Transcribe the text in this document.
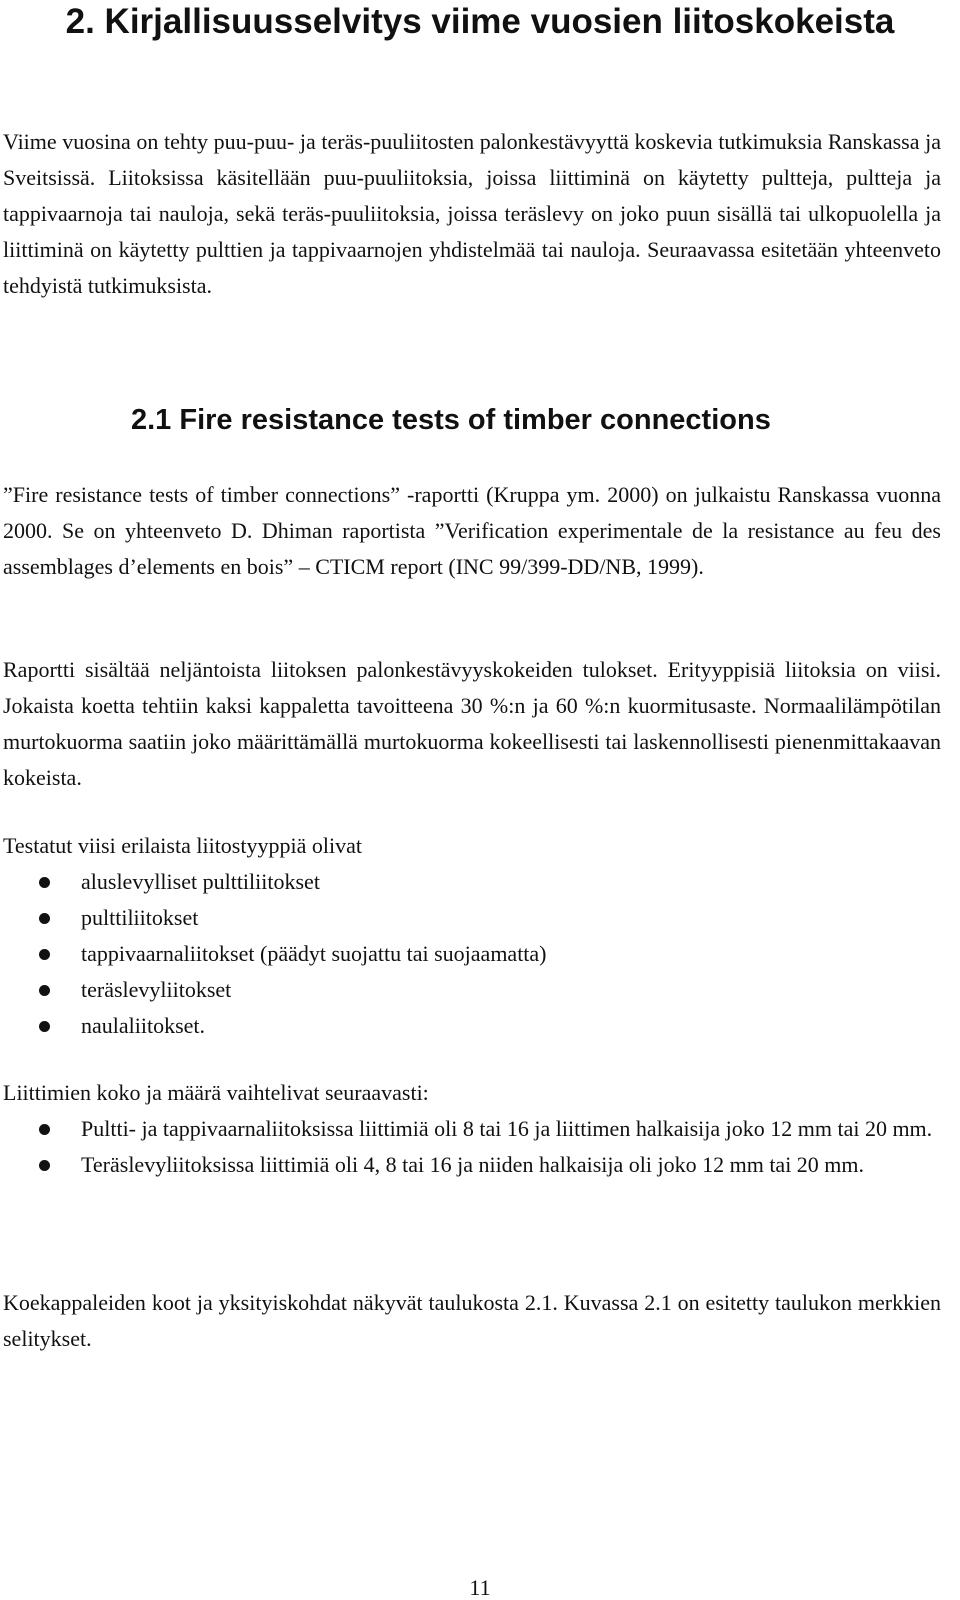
2. Kirjallisuusselvitys viime vuosien liitoskokeista

Viime vuosina on tehty puu-puu- ja teräs-puuliitosten palonkestävyyttä koskevia tutkimuksia Ranskassa ja Sveitsissä. Liitoksissa käsitellään puu-puuliitoksia, joissa liittiminä on käytetty pultteja, pultteja ja tappivaarnoja tai nauloja, sekä teräs-puuliitoksia, joissa teräslevy on joko puun sisällä tai ulkopuolella ja liittiminä on käytetty pulttien ja tappivaarnojen yhdistelmää tai nauloja. Seuraavassa esitetään yhteenveto tehdyistä tutkimuksista.

2.1 Fire resistance tests of timber connections

”Fire resistance tests of timber connections” -raportti (Kruppa ym. 2000) on julkaistu Ranskassa vuonna 2000. Se on yhteenveto D. Dhiman raportista ”Verification experimentale de la resistance au feu des assemblages d’elements en bois” – CTICM report (INC 99/399-DD/NB, 1999).

Raportti sisältää neljäntoista liitoksen palonkestävyyskokeiden tulokset. Erityyppisiä liitoksia on viisi. Jokaista koetta tehtiin kaksi kappaletta tavoitteena 30 %:n ja 60 %:n kuormitusaste. Normaalilämpötilan murtokuorma saatiin joko määrittämällä murtokuorma kokeellisesti tai laskennollisesti pienenmittakaavan kokeista.

Testatut viisi erilaista liitostyyppiä olivat

aluslevylliset pulttiliitokset
pulttiliitokset
tappivaarnaliitokset (päädyt suojattu tai suojaamatta)
teräslevyliitokset
naulaliitokset.

Liittimien koko ja määrä vaihtelivat seuraavasti:

Pultti- ja tappivaarnaliitoksissa liittimiä oli 8 tai 16 ja liittimen halkaisija joko 12 mm tai 20 mm.
Teräslevyliitoksissa liittimiä oli 4, 8 tai 16 ja niiden halkaisija oli joko 12 mm tai 20 mm.

Koekappaleiden koot ja yksityiskohdat näkyvät taulukosta 2.1. Kuvassa 2.1 on esitetty taulukon merkkien selitykset.

11
